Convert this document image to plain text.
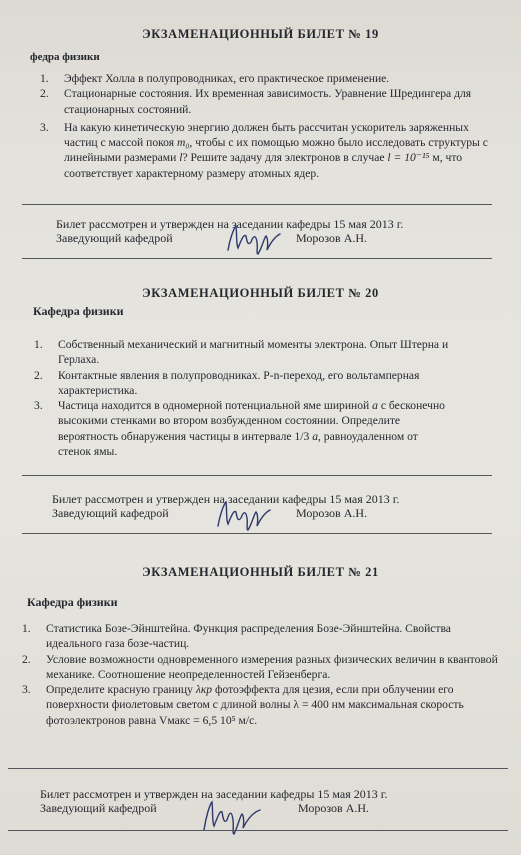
ЭКЗАМЕНАЦИОННЫЙ БИЛЕТ № 19
федра физики
1. Эффект Холла в полупроводниках, его практическое применение.
2. Стационарные состояния. Их временная зависимость. Уравнение Шредингера для стационарных состояний.
3. На какую кинетическую энергию должен быть рассчитан ускоритель заряженных частиц с массой покоя m₀, чтобы с их помощью можно было исследовать структуры с линейными размерами l? Решите задачу для электронов в случае l = 10⁻¹⁵ м, что соответствует характерному размеру атомных ядер.
Билет рассмотрен и утвержден на заседании кафедры 15 мая 2013 г.
Заведующий кафедрой	Морозов А.Н.
ЭКЗАМЕНАЦИОННЫЙ БИЛЕТ № 20
Кафедра физики
1. Собственный механический и магнитный моменты электрона. Опыт Штерна и Герлаха.
2. Контактные явления в полупроводниках. P-n-переход, его вольтамперная характеристика.
3. Частица находится в одномерной потенциальной яме шириной a с бесконечно высокими стенками во втором возбужденном состоянии. Определите вероятность обнаружения частицы в интервале 1/3 a, равноудаленном от стенок ямы.
Билет рассмотрен и утвержден на заседании кафедры 15 мая 2013 г.
Заведующий кафедрой	Морозов А.Н.
ЭКЗАМЕНАЦИОННЫЙ БИЛЕТ № 21
Кафедра физики
1. Статистика Бозе-Эйнштейна. Функция распределения Бозе-Эйнштейна. Свойства идеального газа бозе-частиц.
2. Условие возможности одновременного измерения разных физических величин в квантовой механике. Соотношение неопределенностей Гейзенберга.
3. Определите красную границу λкр фотоэффекта для цезия, если при облучении его поверхности фиолетовым светом с длиной волны λ = 400 нм максимальная скорость фотоэлектронов равна Vмакс = 6,5 10⁵ м/с.
Билет рассмотрен и утвержден на заседании кафедры 15 мая 2013 г.
Заведующий кафедрой	Морозов А.Н.
